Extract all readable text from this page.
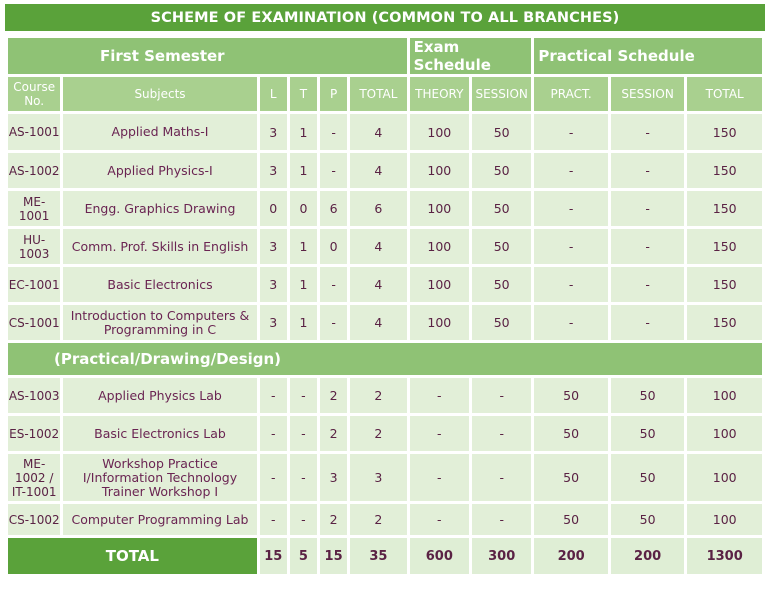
SCHEME OF EXAMINATION (COMMON TO ALL BRANCHES)
First Semester						Exam Schedule		Practical Schedule		
Course No.	Subjects	L	T	P	TOTAL	THEORY	SESSION	PRACT.	SESSION	TOTAL
AS-1001	Applied Maths-I	3	1	-	4	100	50	-	-	150
AS-1002	Applied Physics-I	3	1	-	4	100	50	-	-	150
ME-1001	Engg. Graphics Drawing	0	0	6	6	100	50	-	-	150
HU-1003	Comm. Prof. Skills in English	3	1	0	4	100	50	-	-	150
EC-1001	Basic Electronics	3	1	-	4	100	50	-	-	150
CS-1001	Introduction to Computers & Programming in C	3	1	-	4	100	50	-	-	150
(Practical/Drawing/Design)										
AS-1003	Applied Physics Lab	-	-	2	2	-	-	50	50	100
ES-1002	Basic Electronics Lab	-	-	2	2	-	-	50	50	100
ME-1002 / IT-1001	Workshop Practice I/Information Technology Trainer Workshop I	-	-	3	3	-	-	50	50	100
CS-1002	Computer Programming Lab	-	-	2	2	-	-	50	50	100
TOTAL		15	5	15	35	600	300	200	200	1300
